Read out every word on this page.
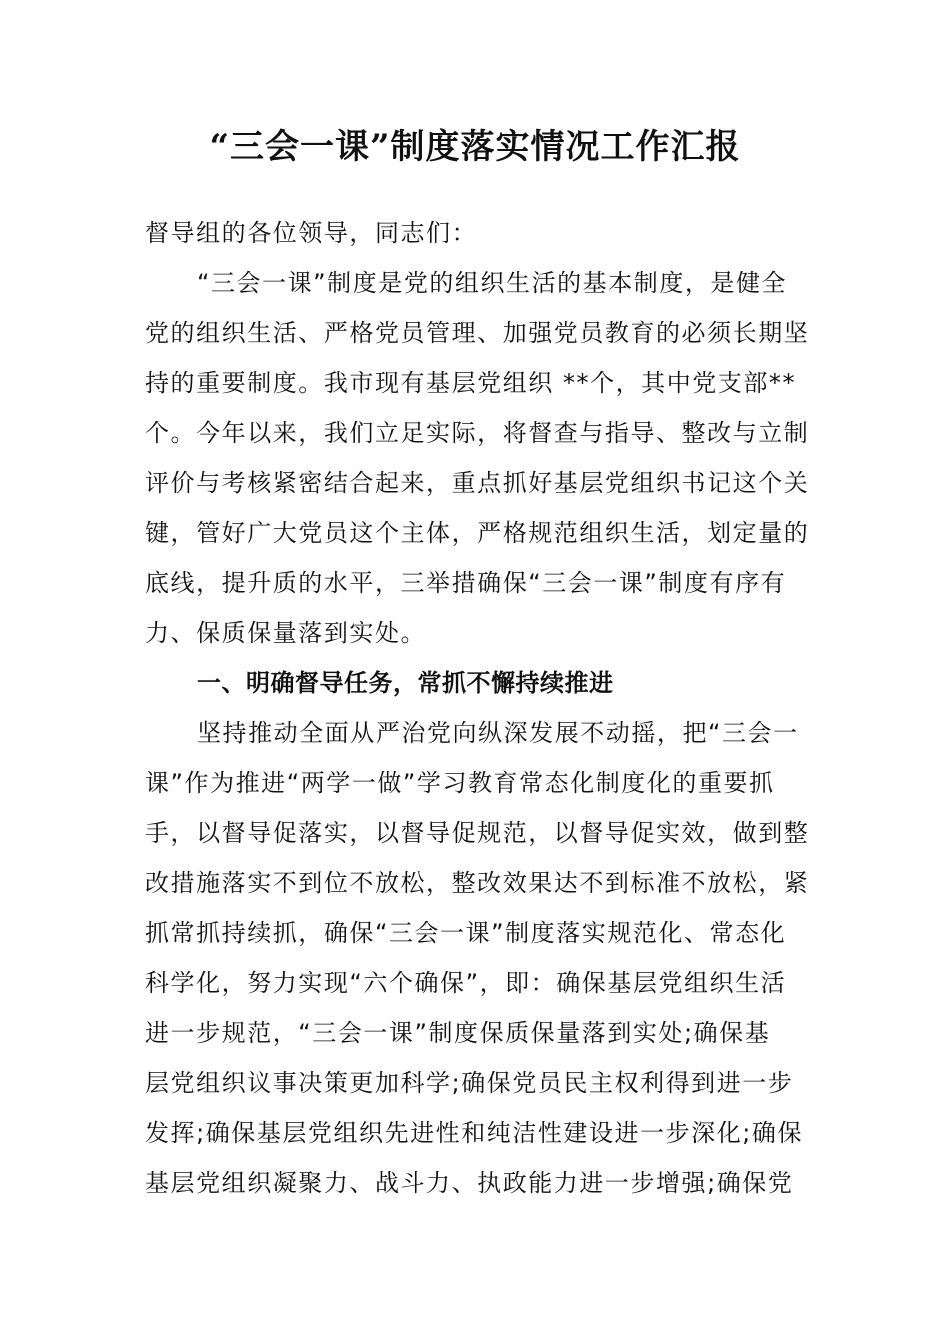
“三会一课”制度落实情况工作汇报
督导组的各位领导，同志们：
“三会一课”制度是党的组织生活的基本制度，是健全
党的组织生活、严格党员管理、加强党员教育的必须长期坚
持的重要制度。我市现有基层党组织 **个，其中党支部**
个。今年以来，我们立足实际，将督查与指导、整改与立制
评价与考核紧密结合起来，重点抓好基层党组织书记这个关
键，管好广大党员这个主体，严格规范组织生活，划定量的
底线，提升质的水平，三举措确保“三会一课”制度有序有
力、保质保量落到实处。
一、明确督导任务，常抓不懈持续推进
坚持推动全面从严治党向纵深发展不动摇，把“三会一
课”作为推进“两学一做”学习教育常态化制度化的重要抓
手，以督导促落实，以督导促规范，以督导促实效，做到整
改措施落实不到位不放松，整改效果达不到标准不放松，紧
抓常抓持续抓，确保“三会一课”制度落实规范化、常态化
科学化，努力实现“六个确保”，即：确保基层党组织生活
进一步规范，“三会一课”制度保质保量落到实处;确保基
层党组织议事决策更加科学;确保党员民主权利得到进一步
发挥;确保基层党组织先进性和纯洁性建设进一步深化;确保
基层党组织凝聚力、战斗力、执政能力进一步增强;确保党
